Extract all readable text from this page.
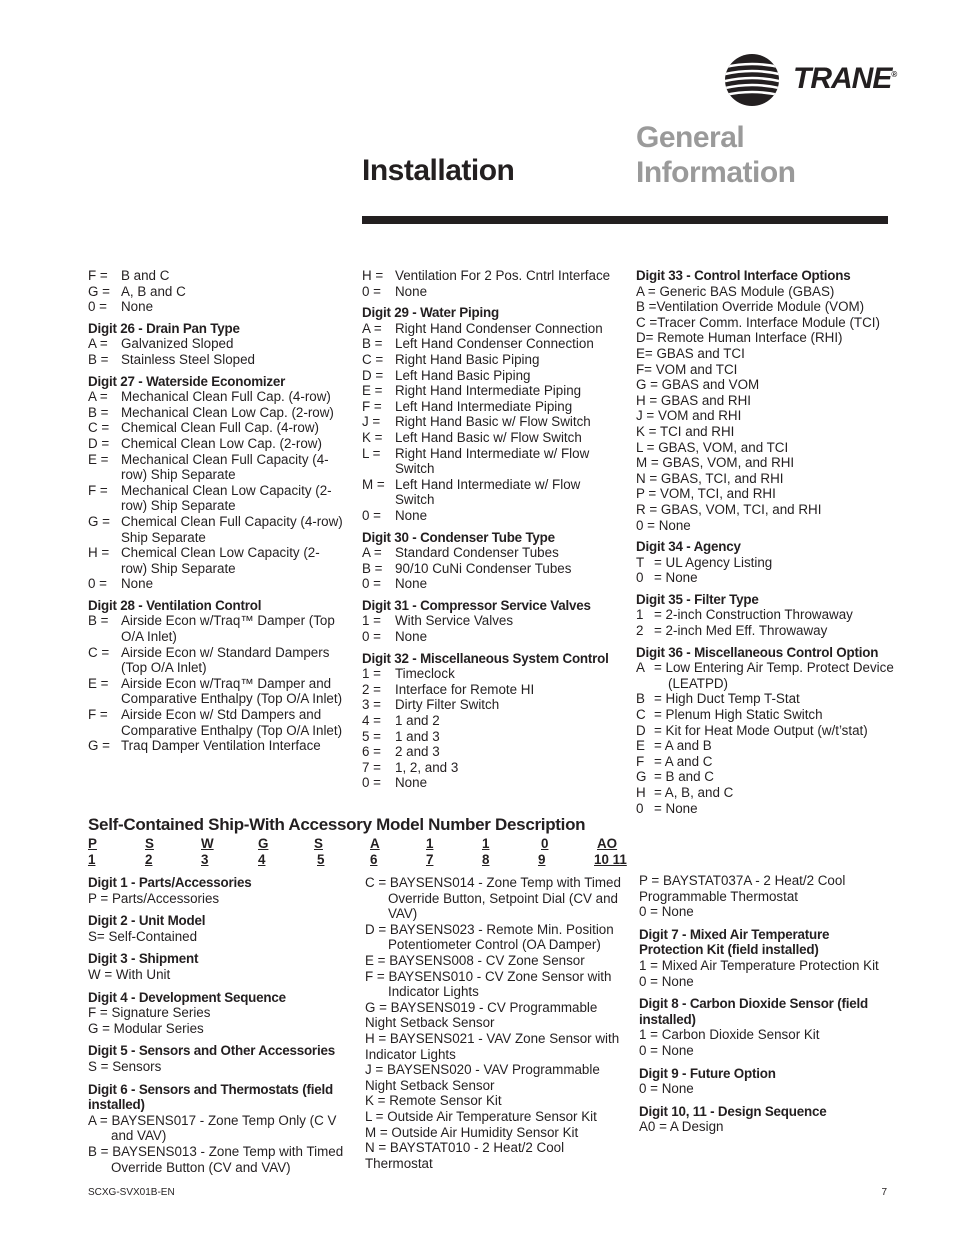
TRANE®
Installation
General
Information
F = B and C
G = A, B and C
0 =	None
Digit 26 - Drain Pan Type
A = Galvanized Sloped
B = Stainless Steel Sloped
Digit 27 - Waterside Economizer
A = Mechanical Clean Full Cap. (4-row)
B = Mechanical Clean Low Cap. (2-row)
C = Chemical Clean Full Cap. (4-row)
D = Chemical Clean Low Cap. (2-row)
E = Mechanical Clean Full Capacity (4-row) Ship Separate
F = Mechanical Clean Low Capacity (2-row) Ship Separate
G = Chemical Clean Full Capacity (4-row) Ship Separate
H = Chemical Clean Low Capacity (2-row) Ship Separate
0 =	None
Digit 28 - Ventilation Control
B = Airside Econ w/Traq™ Damper (Top O/A Inlet)
C = Airside Econ w/ Standard Dampers (Top O/A Inlet)
E = Airside Econ w/Traq™ Damper and Comparative Enthalpy (Top O/A Inlet)
F = Airside Econ w/ Std Dampers and Comparative Enthalpy (Top O/A Inlet)
G = Traq Damper Ventilation Interface
H = Ventilation For 2 Pos. Cntrl Interface
0 =	None
Digit 29 - Water Piping
A = Right Hand Condenser Connection
B = Left Hand Condenser Connection
C = Right Hand Basic Piping
D = Left Hand Basic Piping
E = Right Hand Intermediate Piping
F = Left Hand Intermediate Piping
J =	Right Hand Basic w/ Flow Switch
K = Left Hand Basic w/ Flow Switch
L =	Right Hand Intermediate w/ Flow Switch
M = Left Hand Intermediate w/ Flow Switch
0 =	None
Digit 30 - Condenser Tube Type
A = Standard Condenser Tubes
B = 90/10 CuNi Condenser Tubes
0 =	None
Digit 31 - Compressor Service Valves
1 =	With Service Valves
0 =	None
Digit 32 - Miscellaneous System Control
1 =	Timeclock
2 =	Interface for Remote HI
3 =	Dirty Filter Switch
4 =	1 and 2
5 =	1 and 3
6 =	2 and 3
7 =	1, 2, and 3
0 =	None
Digit 33 - Control Interface Options
A = Generic BAS Module (GBAS)
B =Ventilation Override Module (VOM)
C =Tracer Comm. Interface Module (TCI)
D= Remote Human Interface (RHI)
E= GBAS and TCI
F= VOM and TCI
G = GBAS and VOM
H = GBAS and RHI
J = VOM and RHI
K = TCI and RHI
L = GBAS, VOM, and TCI
M = GBAS, VOM, and RHI
N = GBAS, TCI, and RHI
P = VOM, TCI, and RHI
R = GBAS, VOM, TCI, and RHI
0 = None
Digit 34 - Agency
T = UL Agency Listing
0 = None
Digit 35 - Filter Type
1 = 2-inch Construction Throwaway
2 = 2-inch Med Eff. Throwaway
Digit 36 - Miscellaneous Control Option
A = Low Entering Air Temp. Protect Device (LEATPD)
B = High Duct Temp T-Stat
C = Plenum High Static Switch
D = Kit for Heat Mode Output (w/t’stat)
E = A and B
F = A and C
G = B and C
H = A, B, and C
0 = None
Self-Contained Ship-With Accessory Model Number Description
P	S	W	G	S	A	1	1	0	AO
1	2	3	4	5	6	7	8	9	10 11
Digit 1 - Parts/Accessories
P = Parts/Accessories
Digit 2 - Unit Model
S= Self-Contained
Digit 3 - Shipment
W = With Unit
Digit 4 - Development Sequence
F = Signature Series
G = Modular Series
Digit 5 - Sensors and Other Accessories
S = Sensors
Digit 6 - Sensors and Thermostats (field installed)
A = BAYSENS017 - Zone Temp Only (C V and VAV)
B = BAYSENS013 - Zone Temp with Timed Override Button (CV and VAV)
C = BAYSENS014 - Zone Temp with Timed Override Button, Setpoint Dial (CV and VAV)
D = BAYSENS023 - Remote Min. Position Potentiometer Control (OA Damper)
E = BAYSENS008 - CV Zone Sensor
F = BAYSENS010 - CV Zone Sensor with Indicator Lights
G = BAYSENS019 - CV Programmable Night Setback Sensor
H = BAYSENS021 - VAV Zone Sensor with Indicator Lights
J = BAYSENS020 - VAV Programmable Night Setback Sensor
K = Remote Sensor Kit
L = Outside Air Temperature Sensor Kit
M = Outside Air Humidity Sensor Kit
N = BAYSTAT010 - 2 Heat/2 Cool Thermostat
P = BAYSTAT037A - 2 Heat/2 Cool Programmable Thermostat
0 = None
Digit 7 - Mixed Air Temperature Protection Kit (field installed)
1 = Mixed Air Temperature Protection Kit
0 = None
Digit 8 - Carbon Dioxide Sensor (field installed)
1 = Carbon Dioxide Sensor Kit
0 = None
Digit 9 - Future Option
0 = None
Digit 10, 11 - Design Sequence
A0 = A Design
SCXG-SVX01B-EN	7
